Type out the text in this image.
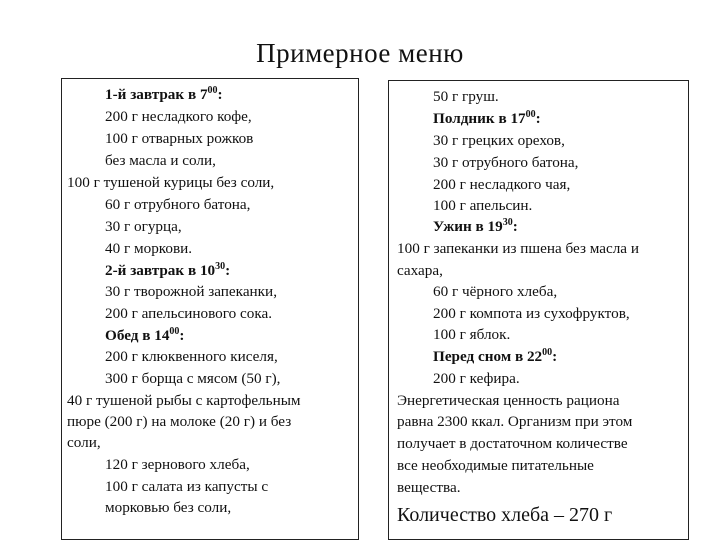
Примерное меню
1-й завтрак в $7^{00}$:
200 г несладкого кофе,
100 г отварных рожков
без масла и соли,
100 г тушеной курицы без соли,
60 г отрубного батона,
30 г огурца,
40 г моркови.
2-й завтрак в $10^{30}$:
30 г творожной запеканки,
200 г апельсинового сока.
Обед в $14^{00}$:
200 г клюквенного киселя,
300 г борща с мясом (50 г),
40 г тушеной рыбы с картофельным
пюре (200 г) на молоке (20 г) и без
соли,
120 г зернового хлеба,
100 г салата из капусты с
морковью без соли,
50 г груш.
Полдник в $17^{00}$:
30 г грецких орехов,
30 г отрубного батона,
200 г несладкого чая,
100 г апельсин.
Ужин в $19^{30}$:
100 г запеканки из пшена без масла и
сахара,
60 г чёрного хлеба,
200 г компота из сухофруктов,
100 г яблок.
Перед сном в $22^{00}$:
200 г кефира.
Энергетическая ценность рациона
равна 2300 ккал. Организм при этом
получает в достаточном количестве
все необходимые питательные
вещества.
Количество хлеба – 270 г
